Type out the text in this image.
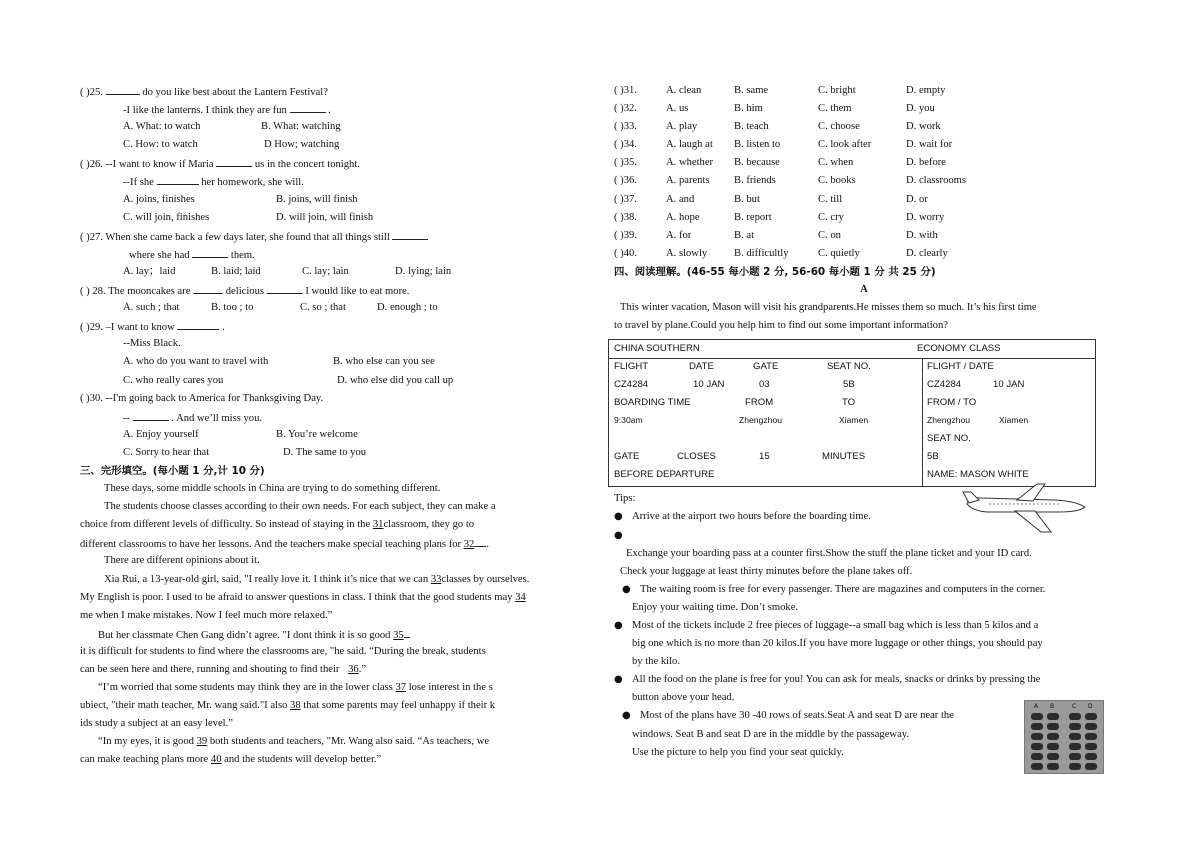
( )25.	do you like best about the Lantern Festival?
-I like the lanterns. I think they are fun	.
A. What: to watch	B. What: watching
C. How: to watch	D How; watching
( )26. --I want to know if Maria	us in the concert tonight.
--If she	her homework, she will.
A. joins, finishes	B. joins, will finish
C. will join, finishes	D. will join, will finish
( )27. When she came back a few days later, she found that all things still
where she had	them.
A. lay；laid	B. laid; laid	C. lay; lain	D. lying; lain
( ) 28. The mooncakes are	delicious	I would like to eat more.
A. such ; that	B. too ; to	C. so ; that	D. enough ; to
( )29. –I want to know	.
--Miss Black.
A. who do you want to travel with	B. who else can you see
C. who really cares you	D. who else did you call up
( )30. --I'm going back to America for Thanksgiving Day.
--	. And we’ll miss you.
A. Enjoy yourself	B. You’re welcome
C. Sorry to hear that	D. The same to you
三、完形填空。(每小题 1 分,计 10 分)
These days, some middle schools in China are trying to do something different.
The students choose classes according to their own needs. For each subject, they can make a
choice from different levels of difficulty. So instead of staying in the 31classroom, they go to
different classrooms to have her lessons. And the teachers make special teaching plans for 32 .
There are different opinions about it.
Xia Rui, a 13-year-old girl, said, "I really love it. I think it’s nice that we can 33classes by ourselves.
My English is poor. I used to be afraid to answer questions in class. I think that the good students may 34
me when I make mistakes. Now I feel much more relaxed.”
But her classmate Chen Gang didn’t agree. "I dont think it is so good 35
it is difficult for students to find where the classrooms are, "he said. “During the break, students
can be seen here and there, running and shouting to find their 36.”
“I’m worried that some students may think they are in the lower class 37 lose interest in the s
ubiect, "their math teacher, Mr. wang said."I also 38 that some parents may feel unhappy if their k
ids study a subject at an easy level.”
“In my eyes, it is good 39 both students and teachers, "Mr. Wang also said. “As teachers, we
can make teaching plans more 40 and the students will develop better.”
( )31.	A. clean	B. same	C. bright	D. empty
( )32.	A. us	B. him	C. them	D. you
( )33.	A. play	B. teach	C. choose	D. work
( )34.	A. laugh at B. listen to	C. look after	D. wait for
( )35.	A. whether B. because	C. when	D. before
( )36.	A. parents B. friends	C. books	D. classrooms
( )37.	A. and	B. but	C. till	D. or
( )38.	A. hope	B. report	C. cry	D. worry
( )39.	A. for	B. at	C. on	D. with
( )40.	A. slowly	B. difficultly	C. quietly	D. clearly
四、阅读理解。(46-55 每小题 2 分, 56-60 每小题 1 分 共 25 分)
A
This winter vacation, Mason will visit his grandparents.He misses them so much. It’s his first time
to travel by plane.Could you help him to find out some important information?
CHINA SOUTHERN	ECONOMY CLASS
FLIGHT	DATE	GATE	SEAT NO.
CZ4284	10 JAN	03	5B
BOARDING TIME	FROM	TO
9:30am	Zhengzhou	Xiamen
GATE	CLOSES	15	MINUTES
BEFORE DEPARTURE
FLIGHT / DATE
CZ4284	10 JAN
FROM / TO
Zhengzhou	Xiamen
SEAT NO.
5B
NAME: MASON WHITE
Tips:
● Arrive at the airport two hours before the boarding time.
●
Exchange your boarding pass at a counter first.Show the stuff the plane ticket and your ID card.
Check your luggage at least thirty minutes before the plane takes off.
● The waiting room is free for every passenger. There are magazines and computers in the corner.
Enjoy your waiting time. Don’t smoke.
● Most of the tickets include 2 free pieces of luggage--a small bag which is less than 5 kilos and a
big one which is no more than 20 kilos.If you have more luggage or other things, you should pay
by the kilo.
● All the food on the plane is free for you! You can ask for meals, snacks or drinks by pressing the
button above your head.
● Most of the plans have 30 -40 rows of seats.Seat A and seat D are near the
windows. Seat B and seat D are in the middle by the passageway.
Use the picture to help you find your seat quickly.
A B	C D
